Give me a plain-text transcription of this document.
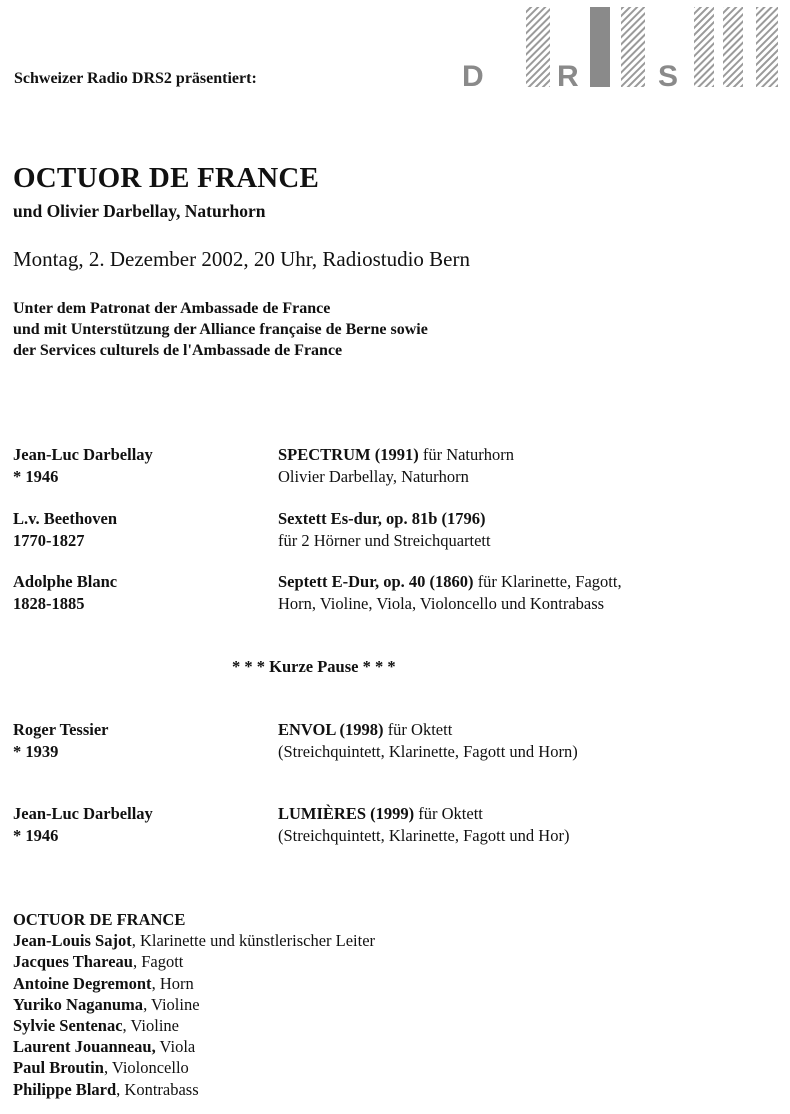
Schweizer Radio DRS2 präsentiert:	D R	S
OCTUOR DE FRANCE
und Olivier Darbellay, Naturhorn
Montag, 2. Dezember 2002, 20 Uhr, Radiostudio Bern
Unter dem Patronat der Ambassade de France
und mit Unterstützung der Alliance française de Berne sowie
der Services culturels de l'Ambassade de France
Jean-Luc Darbellay
* 1946
SPECTRUM (1991) für Naturhorn
Olivier Darbellay, Naturhorn
L.v. Beethoven
1770-1827
Sextett Es-dur, op. 81b (1796)
für 2 Hörner und Streichquartett
Adolphe Blanc
1828-1885
Septett E-Dur, op. 40 (1860) für Klarinette, Fagott,
Horn, Violine, Viola, Violoncello und Kontrabass
* * * Kurze Pause * * *
Roger Tessier
* 1939
ENVOL (1998) für Oktett
(Streichquintett, Klarinette, Fagott und Horn)
Jean-Luc Darbellay
* 1946
LUMIÈRES (1999) für Oktett
(Streichquintett, Klarinette, Fagott und Hor)
OCTUOR DE FRANCE
Jean-Louis Sajot, Klarinette und künstlerischer Leiter
Jacques Thareau, Fagott
Antoine Degremont, Horn
Yuriko Naganuma, Violine
Sylvie Sentenac, Violine
Laurent Jouanneau, Viola
Paul Broutin, Violoncello
Philippe Blard, Kontrabass
